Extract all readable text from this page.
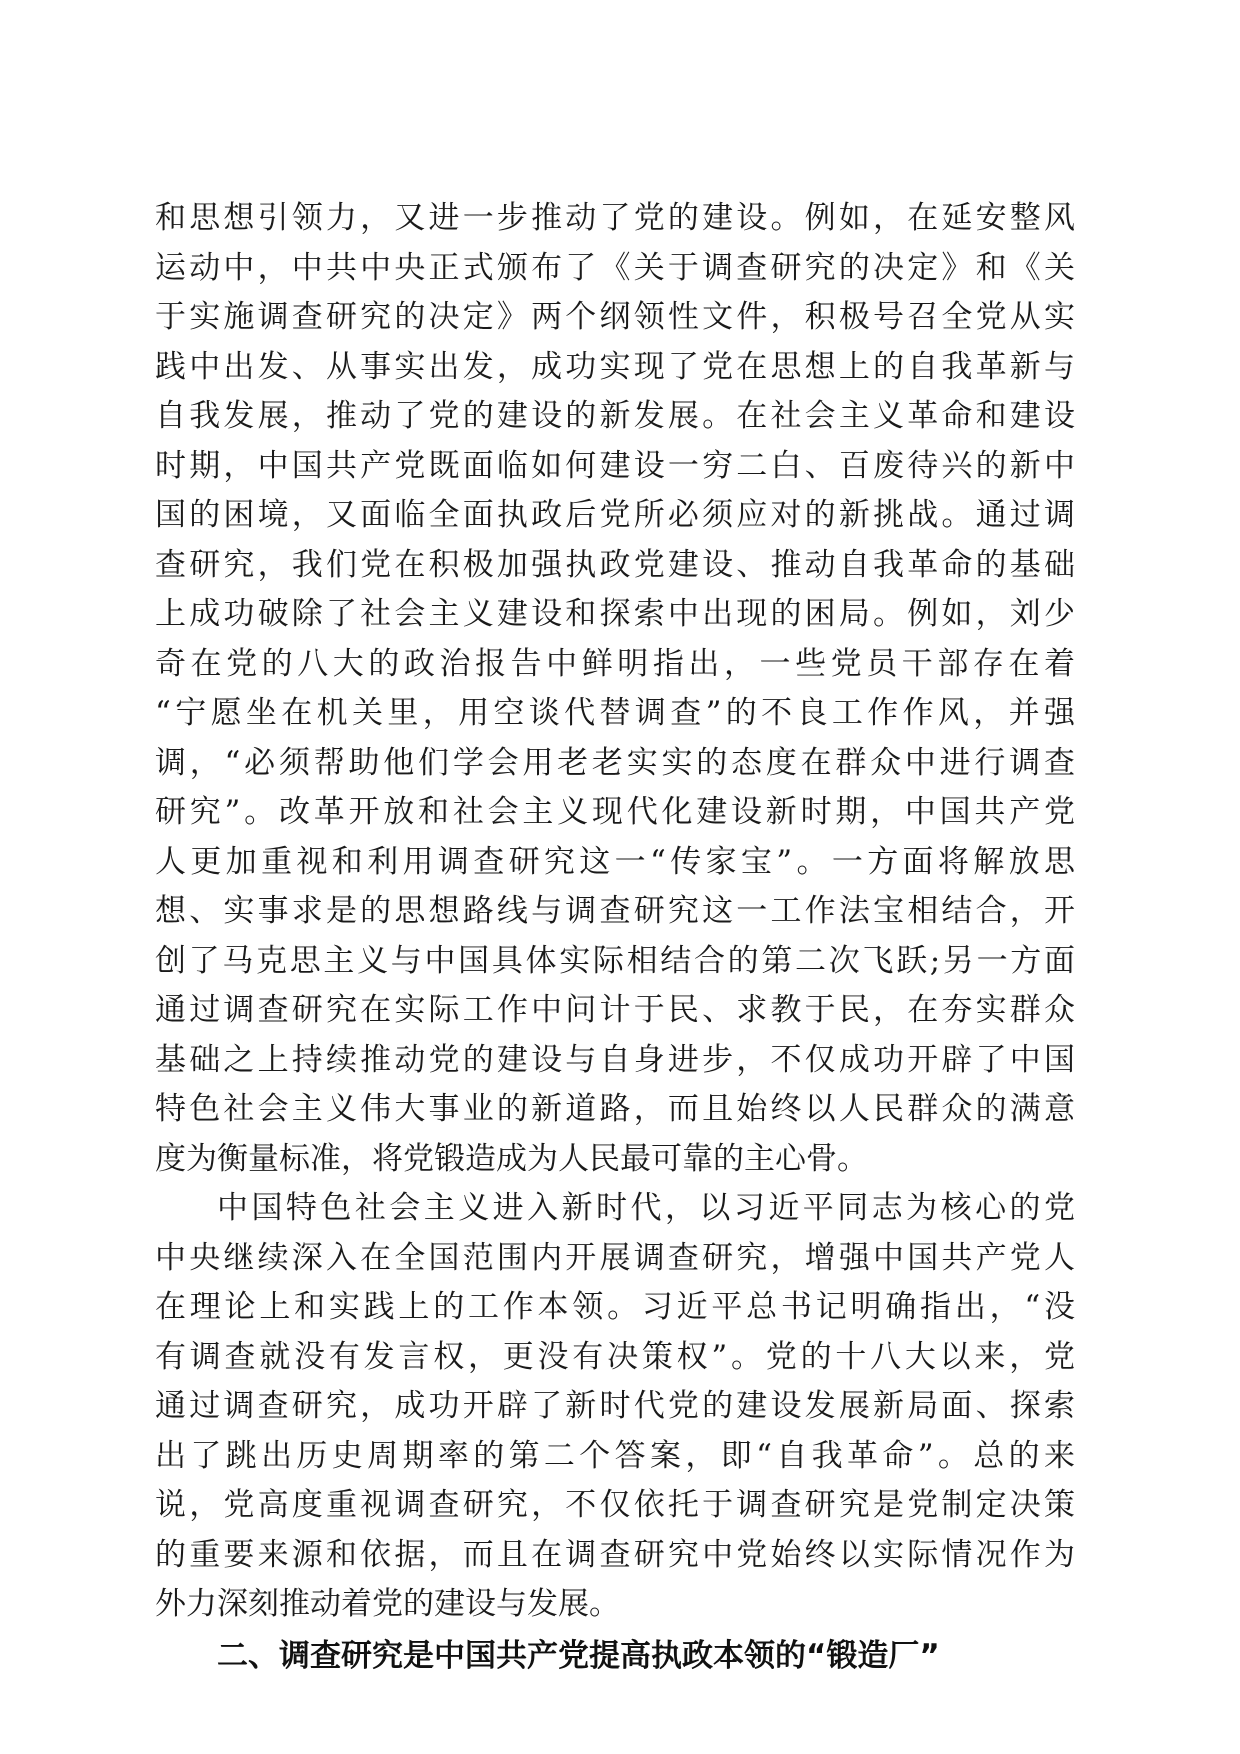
和思想引领力，又进一步推动了党的建设。例如，在延安整风
运动中，中共中央正式颁布了《关于调查研究的决定》和《关
于实施调查研究的决定》两个纲领性文件，积极号召全党从实
践中出发、从事实出发，成功实现了党在思想上的自我革新与
自我发展，推动了党的建设的新发展。在社会主义革命和建设
时期，中国共产党既面临如何建设一穷二白、百废待兴的新中
国的困境，又面临全面执政后党所必须应对的新挑战。通过调
查研究，我们党在积极加强执政党建设、推动自我革命的基础
上成功破除了社会主义建设和探索中出现的困局。例如，刘少
奇在党的八大的政治报告中鲜明指出，一些党员干部存在着
“宁愿坐在机关里，用空谈代替调查”的不良工作作风，并强
调，“必须帮助他们学会用老老实实的态度在群众中进行调查
研究”。改革开放和社会主义现代化建设新时期，中国共产党
人更加重视和利用调查研究这一“传家宝”。一方面将解放思
想、实事求是的思想路线与调查研究这一工作法宝相结合，开
创了马克思主义与中国具体实际相结合的第二次飞跃;另一方面
通过调查研究在实际工作中问计于民、求教于民，在夯实群众
基础之上持续推动党的建设与自身进步，不仅成功开辟了中国
特色社会主义伟大事业的新道路，而且始终以人民群众的满意
度为衡量标准，将党锻造成为人民最可靠的主心骨。
中国特色社会主义进入新时代，以习近平同志为核心的党
中央继续深入在全国范围内开展调查研究，增强中国共产党人
在理论上和实践上的工作本领。习近平总书记明确指出，“没
有调查就没有发言权，更没有决策权”。党的十八大以来，党
通过调查研究，成功开辟了新时代党的建设发展新局面、探索
出了跳出历史周期率的第二个答案，即“自我革命”。总的来
说，党高度重视调查研究，不仅依托于调查研究是党制定决策
的重要来源和依据，而且在调查研究中党始终以实际情况作为
外力深刻推动着党的建设与发展。
二、调查研究是中国共产党提高执政本领的“锻造厂”
